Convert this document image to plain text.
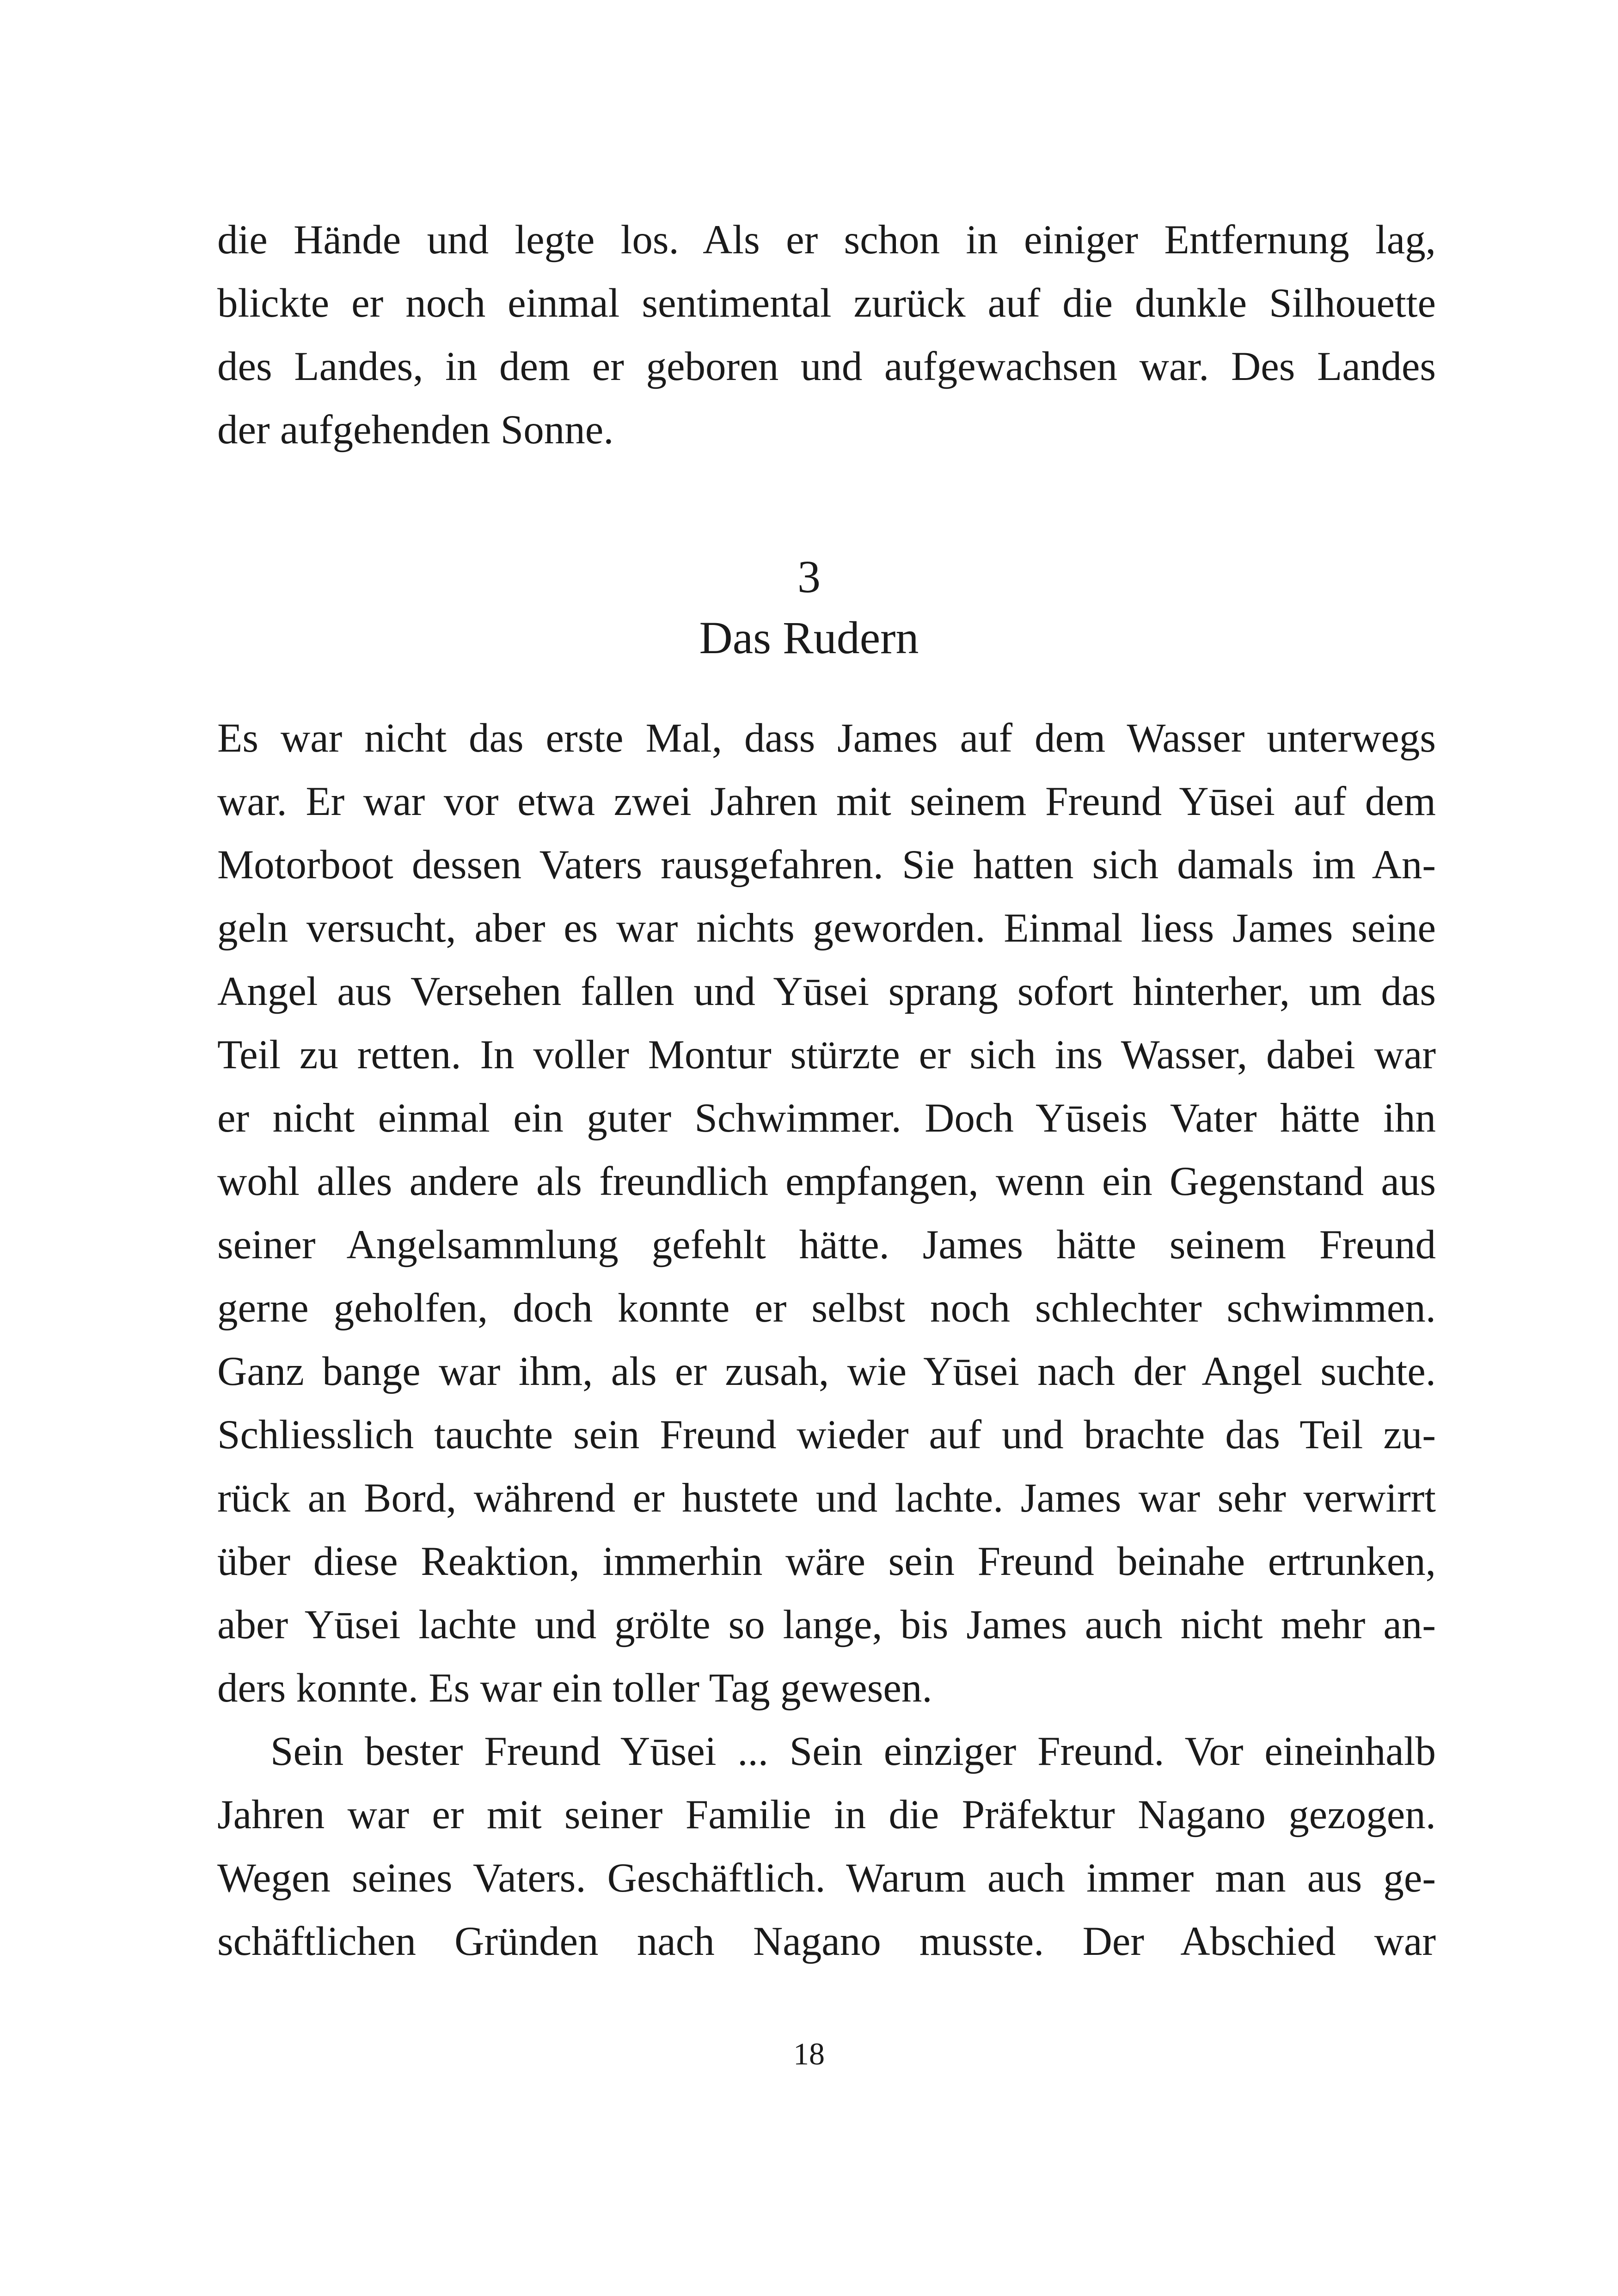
die Hände und legte los. Als er schon in einiger Entfernung lag,
blickte er noch einmal sentimental zurück auf die dunkle Silhouette
des Landes, in dem er geboren und aufgewachsen war. Des Landes
der aufgehenden Sonne.
3
Das Rudern
Es war nicht das erste Mal, dass James auf dem Wasser unterwegs
war. Er war vor etwa zwei Jahren mit seinem Freund Yūsei auf dem
Motorboot dessen Vaters rausgefahren. Sie hatten sich damals im An-
geln versucht, aber es war nichts geworden. Einmal liess James seine
Angel aus Versehen fallen und Yūsei sprang sofort hinterher, um das
Teil zu retten. In voller Montur stürzte er sich ins Wasser, dabei war
er nicht einmal ein guter Schwimmer. Doch Yūseis Vater hätte ihn
wohl alles andere als freundlich empfangen, wenn ein Gegenstand aus
seiner Angelsammlung gefehlt hätte. James hätte seinem Freund
gerne geholfen, doch konnte er selbst noch schlechter schwimmen.
Ganz bange war ihm, als er zusah, wie Yūsei nach der Angel suchte.
Schliesslich tauchte sein Freund wieder auf und brachte das Teil zu-
rück an Bord, während er hustete und lachte. James war sehr verwirrt
über diese Reaktion, immerhin wäre sein Freund beinahe ertrunken,
aber Yūsei lachte und grölte so lange, bis James auch nicht mehr an-
ders konnte. Es war ein toller Tag gewesen.
Sein bester Freund Yūsei ... Sein einziger Freund. Vor eineinhalb
Jahren war er mit seiner Familie in die Präfektur Nagano gezogen.
Wegen seines Vaters. Geschäftlich. Warum auch immer man aus ge-
schäftlichen Gründen nach Nagano musste. Der Abschied war
18
